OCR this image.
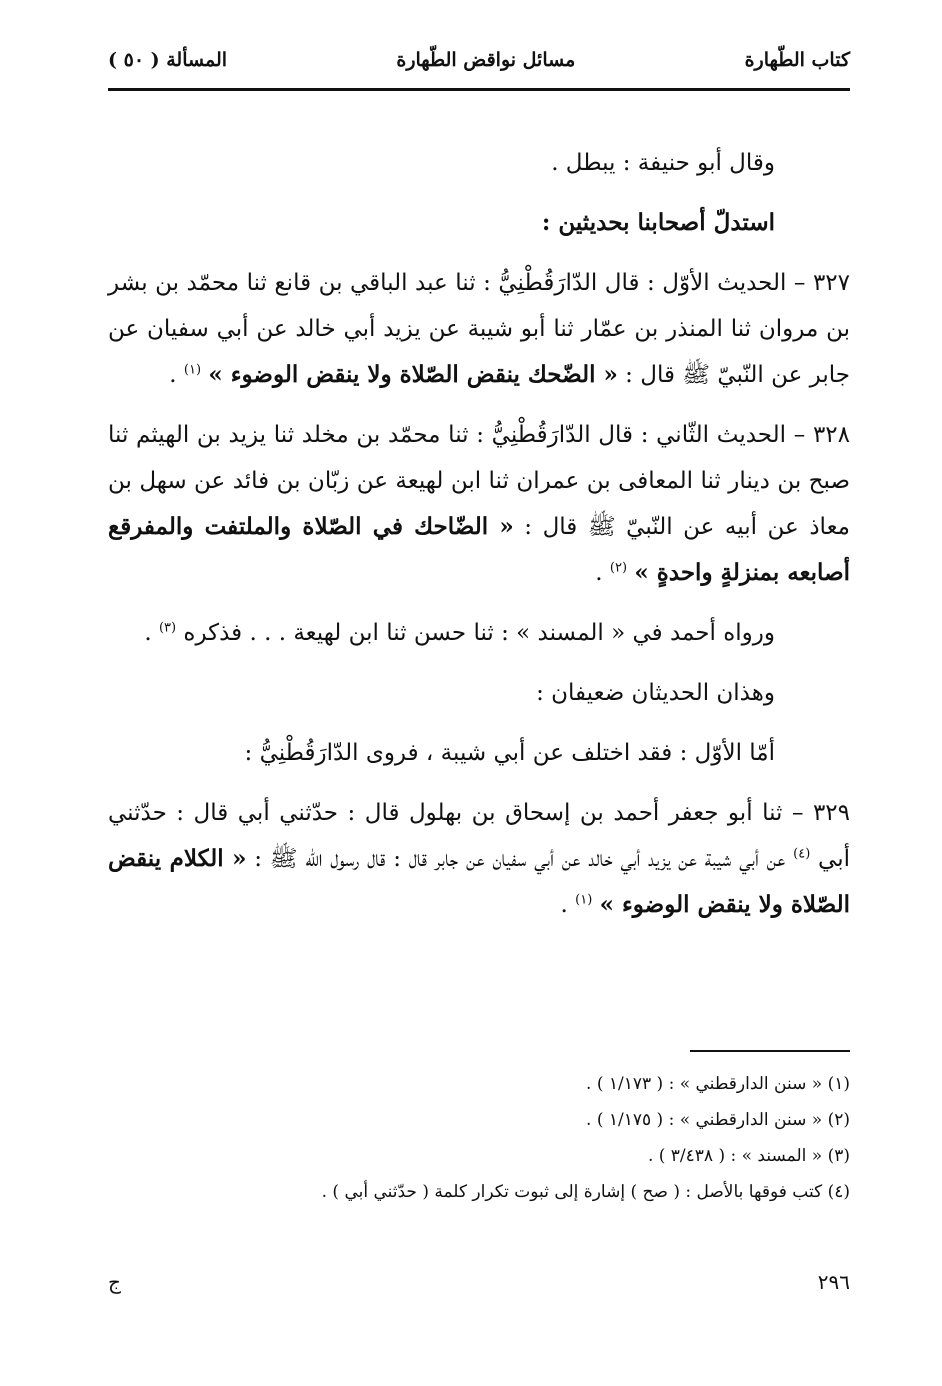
كتاب الطّهارة
مسائل نواقض الطّهارة
المسألة ( ٥٠ )

وقال أبو حنيفة : يبطل .

استدلّ أصحابنا بحديثين :

٣٢٧ – الحديث الأوّل : قال الدّارَقُطْنِيُّ : ثنا عبد الباقي بن قانع ثنا محمّد بن بشر بن مروان ثنا المنذر بن عمّار ثنا أبو شيبة عن يزيد أبي خالد عن أبي سفيان عن جابر عن النّبيّ ﷺ قال : « الضّحك ينقض الصّلاة ولا ينقض الوضوء » $^{(١)}$ .

٣٢٨ – الحديث الثّاني : قال الدّارَقُطْنِيُّ : ثنا محمّد بن مخلد ثنا يزيد بن الهيثم ثنا صبح بن دينار ثنا المعافى بن عمران ثنا ابن لهيعة عن زبّان بن فائد عن سهل بن معاذ عن أبيه عن النّبيّ ﷺ قال : « الضّاحك في الصّلاة والملتفت والمفرقع أصابعه بمنزلةٍ واحدةٍ » $^{(٢)}$ .

ورواه أحمد في « المسند » : ثنا حسن ثنا ابن لهيعة . . . فذكره $^{(٣)}$ .

وهذان الحديثان ضعيفان :

أمّا الأوّل : فقد اختلف عن أبي شيبة ، فروى الدّارَقُطْنِيُّ :

٣٢٩ – ثنا أبو جعفر أحمد بن إسحاق بن بهلول قال : حدّثني أبي قال : حدّثني أبي $^{(٤)}$ عن أبي شيبة عن يزيد أبي خالد عن أبي سفيان عن جابر قال : قال رسول الله ﷺ : « الكلام ينقض الصّلاة ولا ينقض الوضوء » $^{(١)}$ .

(١) « سنن الدارقطني » : ( ١/١٧٣ ) .

(٢) « سنن الدارقطني » : ( ١/١٧٥ ) .

(٣) « المسند » : ( ٣/٤٣٨ ) .

(٤) كتب فوقها بالأصل : ( صح ) إشارة إلى ثبوت تكرار كلمة ( حدّثني أبي ) .

٢٩٦
ج
